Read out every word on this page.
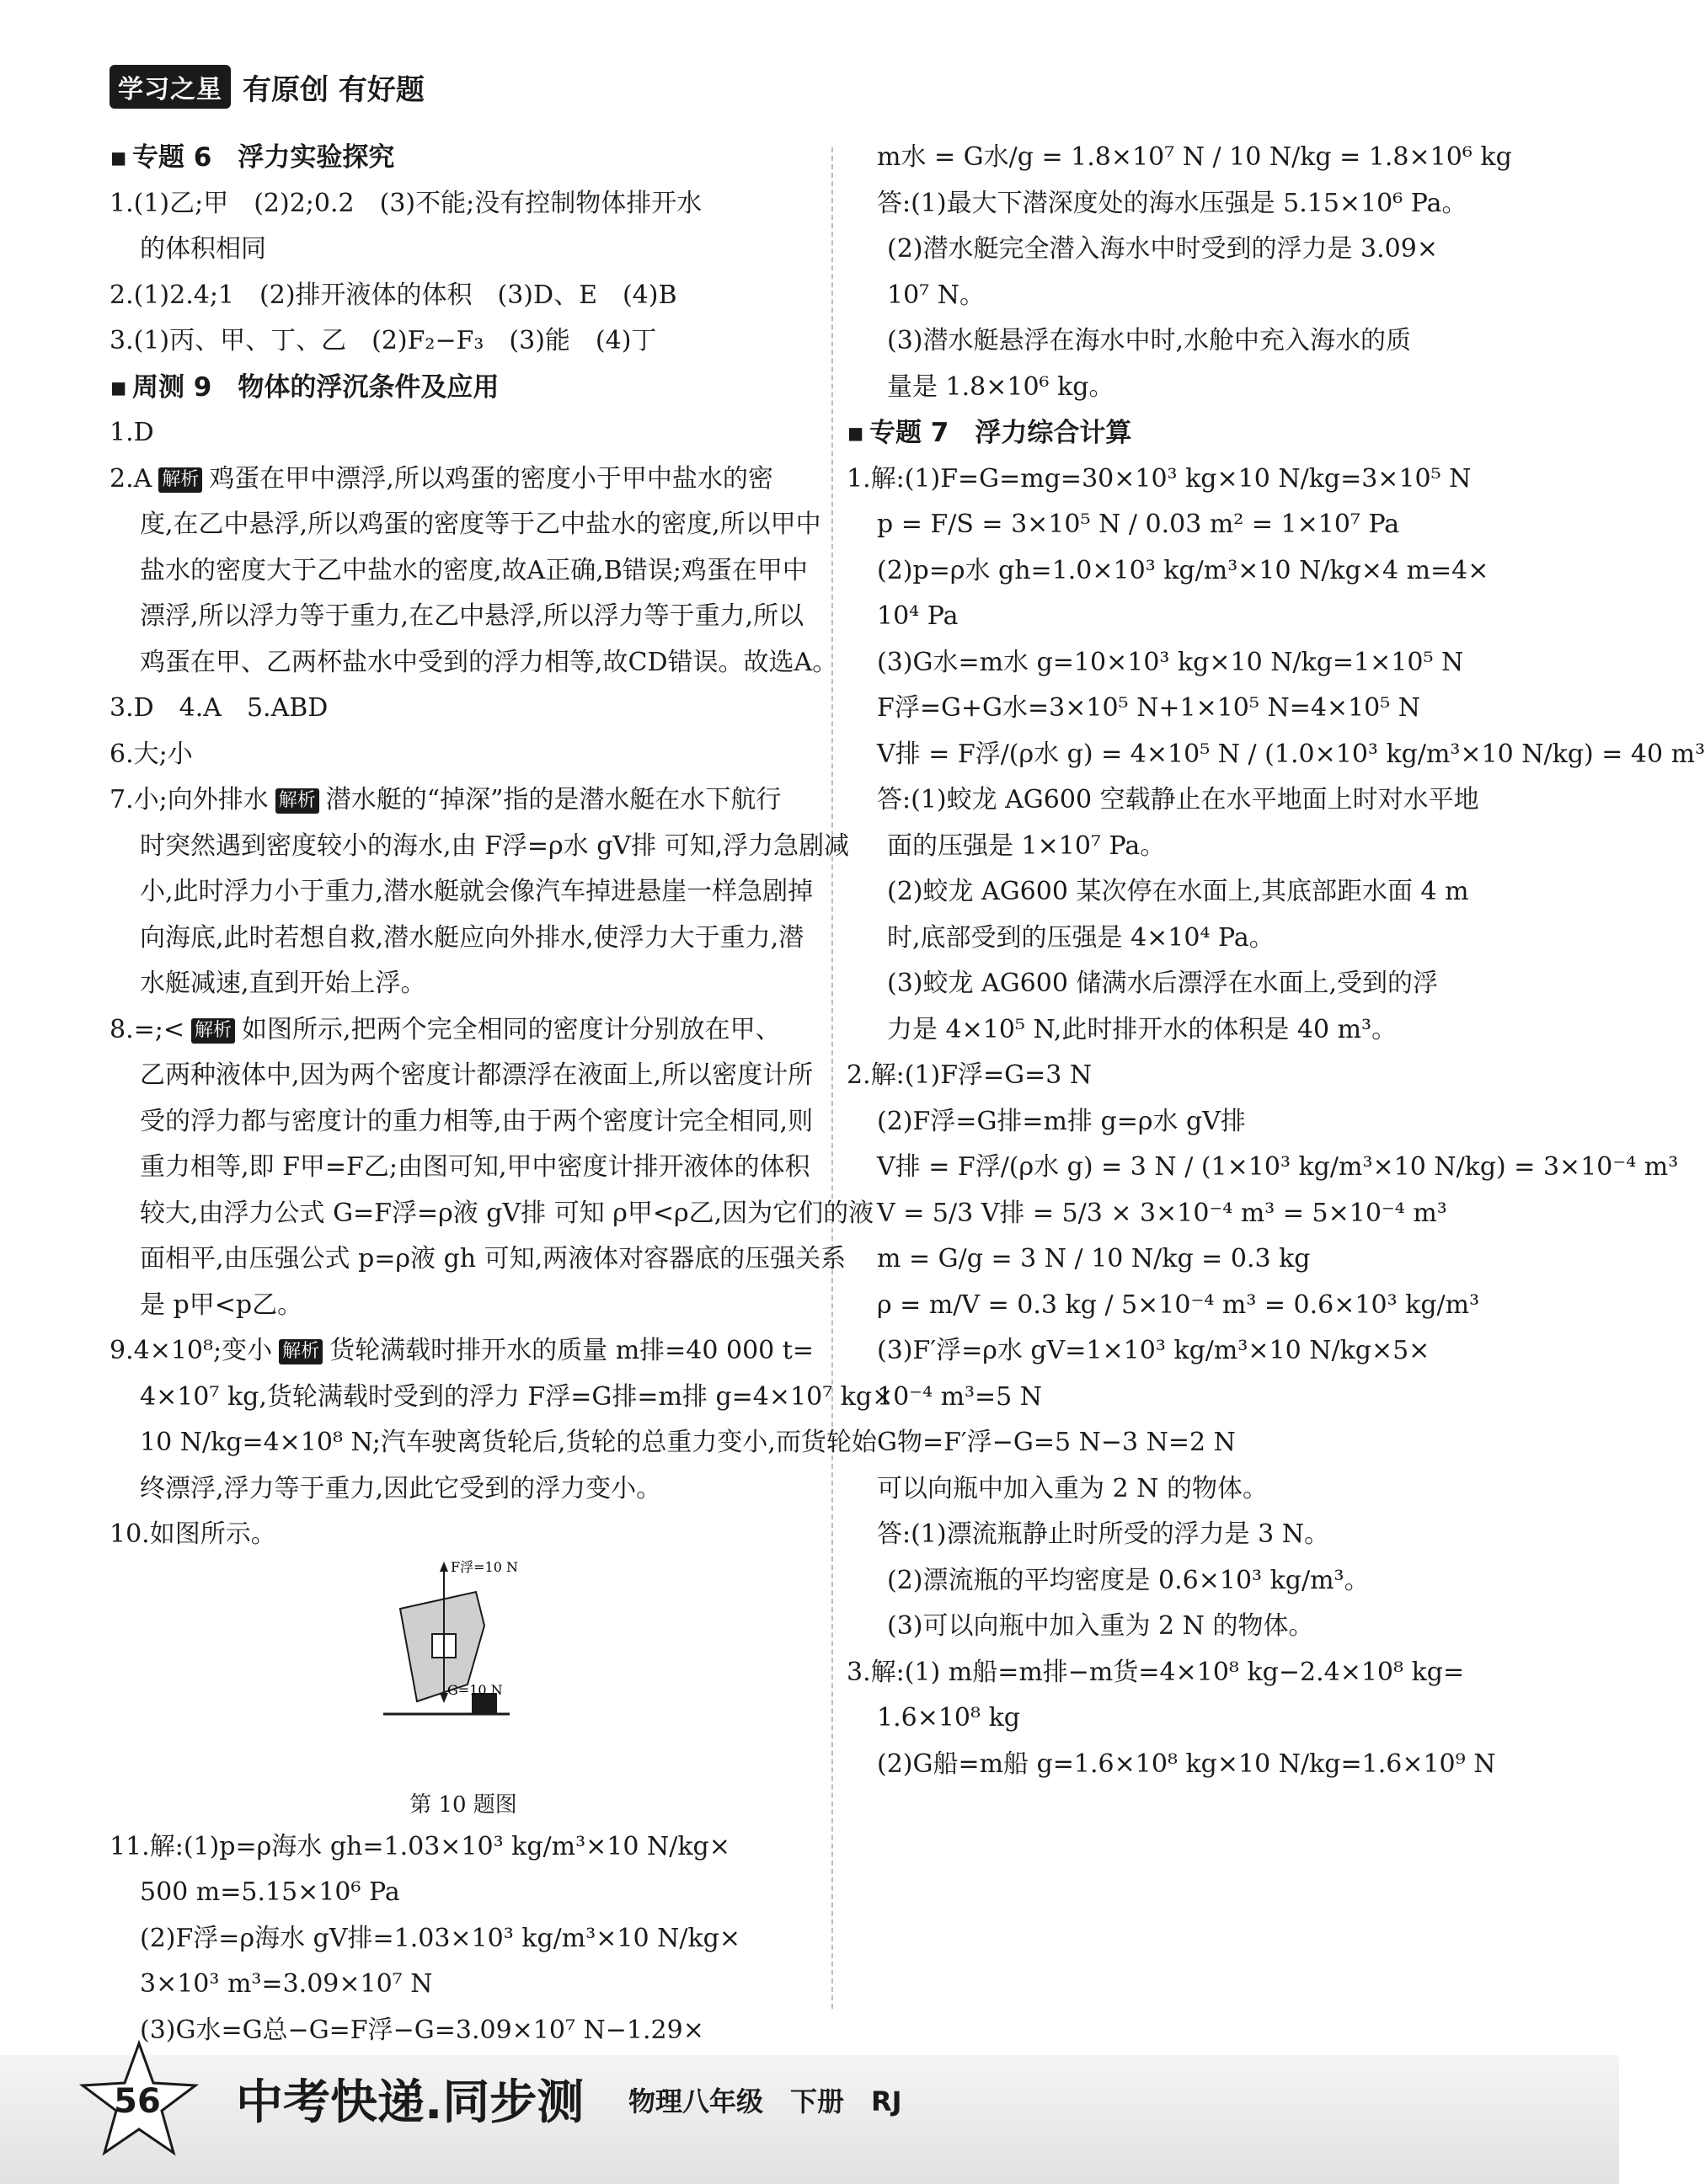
学习之星 有原创 有好题
▪ 专题 6　浮力实验探究
1.(1)乙;甲　(2)2;0.2　(3)不能;没有控制物体排开水
的体积相同
2.(1)2.4;1　(2)排开液体的体积　(3)D、E　(4)B
3.(1)丙、甲、丁、乙　(2)F₂−F₃　(3)能　(4)丁
▪ 周测 9　物体的浮沉条件及应用
1.D
2.A 解析 鸡蛋在甲中漂浮,所以鸡蛋的密度小于甲中盐水的密
度,在乙中悬浮,所以鸡蛋的密度等于乙中盐水的密度,所以甲中
盐水的密度大于乙中盐水的密度,故A正确,B错误;鸡蛋在甲中
漂浮,所以浮力等于重力,在乙中悬浮,所以浮力等于重力,所以
鸡蛋在甲、乙两杯盐水中受到的浮力相等,故CD错误。故选A。
3.D　4.A　5.ABD
6.大;小
7.小;向外排水 解析 潜水艇的“掉深”指的是潜水艇在水下航行
时突然遇到密度较小的海水,由 F浮=ρ水 gV排 可知,浮力急剧减
小,此时浮力小于重力,潜水艇就会像汽车掉进悬崖一样急剧掉
向海底,此时若想自救,潜水艇应向外排水,使浮力大于重力,潜
水艇减速,直到开始上浮。
8.=;< 解析 如图所示,把两个完全相同的密度计分别放在甲、
乙两种液体中,因为两个密度计都漂浮在液面上,所以密度计所
受的浮力都与密度计的重力相等,由于两个密度计完全相同,则
重力相等,即 F甲=F乙;由图可知,甲中密度计排开液体的体积
较大,由浮力公式 G=F浮=ρ液 gV排 可知 ρ甲<ρ乙,因为它们的液
面相平,由压强公式 p=ρ液 gh 可知,两液体对容器底的压强关系
是 p甲<p乙。
9.4×10⁸;变小 解析 货轮满载时排开水的质量 m排=40 000 t=
4×10⁷ kg,货轮满载时受到的浮力 F浮=G排=m排 g=4×10⁷ kg×
10 N/kg=4×10⁸ N;汽车驶离货轮后,货轮的总重力变小,而货轮始
终漂浮,浮力等于重力,因此它受到的浮力变小。
10.如图所示。
F浮=10 N
G=10 N
第 10 题图
11.解:(1)p=ρ海水 gh=1.03×10³ kg/m³×10 N/kg×
500 m=5.15×10⁶ Pa
(2)F浮=ρ海水 gV排=1.03×10³ kg/m³×10 N/kg×
3×10³ m³=3.09×10⁷ N
(3)G水=G总−G=F浮−G=3.09×10⁷ N−1.29×
m水 = G水/g = 1.8×10⁷ N / 10 N/kg = 1.8×10⁶ kg
答:(1)最大下潜深度处的海水压强是 5.15×10⁶ Pa。
(2)潜水艇完全潜入海水中时受到的浮力是 3.09×
10⁷ N。
(3)潜水艇悬浮在海水中时,水舱中充入海水的质
量是 1.8×10⁶ kg。
▪ 专题 7　浮力综合计算
1.解:(1)F=G=mg=30×10³ kg×10 N/kg=3×10⁵ N
p = F/S = 3×10⁵ N / 0.03 m² = 1×10⁷ Pa
(2)p=ρ水 gh=1.0×10³ kg/m³×10 N/kg×4 m=4×
10⁴ Pa
(3)G水=m水 g=10×10³ kg×10 N/kg=1×10⁵ N
F浮=G+G水=3×10⁵ N+1×10⁵ N=4×10⁵ N
V排 = F浮/(ρ水 g) = 4×10⁵ N / (1.0×10³ kg/m³×10 N/kg) = 40 m³
答:(1)蛟龙 AG600 空载静止在水平地面上时对水平地
面的压强是 1×10⁷ Pa。
(2)蛟龙 AG600 某次停在水面上,其底部距水面 4 m
时,底部受到的压强是 4×10⁴ Pa。
(3)蛟龙 AG600 储满水后漂浮在水面上,受到的浮
力是 4×10⁵ N,此时排开水的体积是 40 m³。
2.解:(1)F浮=G=3 N
(2)F浮=G排=m排 g=ρ水 gV排
V排 = F浮/(ρ水 g) = 3 N / (1×10³ kg/m³×10 N/kg) = 3×10⁻⁴ m³
V = 5/3 V排 = 5/3 × 3×10⁻⁴ m³ = 5×10⁻⁴ m³
m = G/g = 3 N / 10 N/kg = 0.3 kg
ρ = m/V = 0.3 kg / 5×10⁻⁴ m³ = 0.6×10³ kg/m³
(3)F′浮=ρ水 gV=1×10³ kg/m³×10 N/kg×5×
10⁻⁴ m³=5 N
G物=F′浮−G=5 N−3 N=2 N
可以向瓶中加入重为 2 N 的物体。
答:(1)漂流瓶静止时所受的浮力是 3 N。
(2)漂流瓶的平均密度是 0.6×10³ kg/m³。
(3)可以向瓶中加入重为 2 N 的物体。
3.解:(1) m船=m排−m货=4×10⁸ kg−2.4×10⁸ kg=
1.6×10⁸ kg
(2)G船=m船 g=1.6×10⁸ kg×10 N/kg=1.6×10⁹ N
56	中考快递.同步测 物理八年级　下册　RJ
